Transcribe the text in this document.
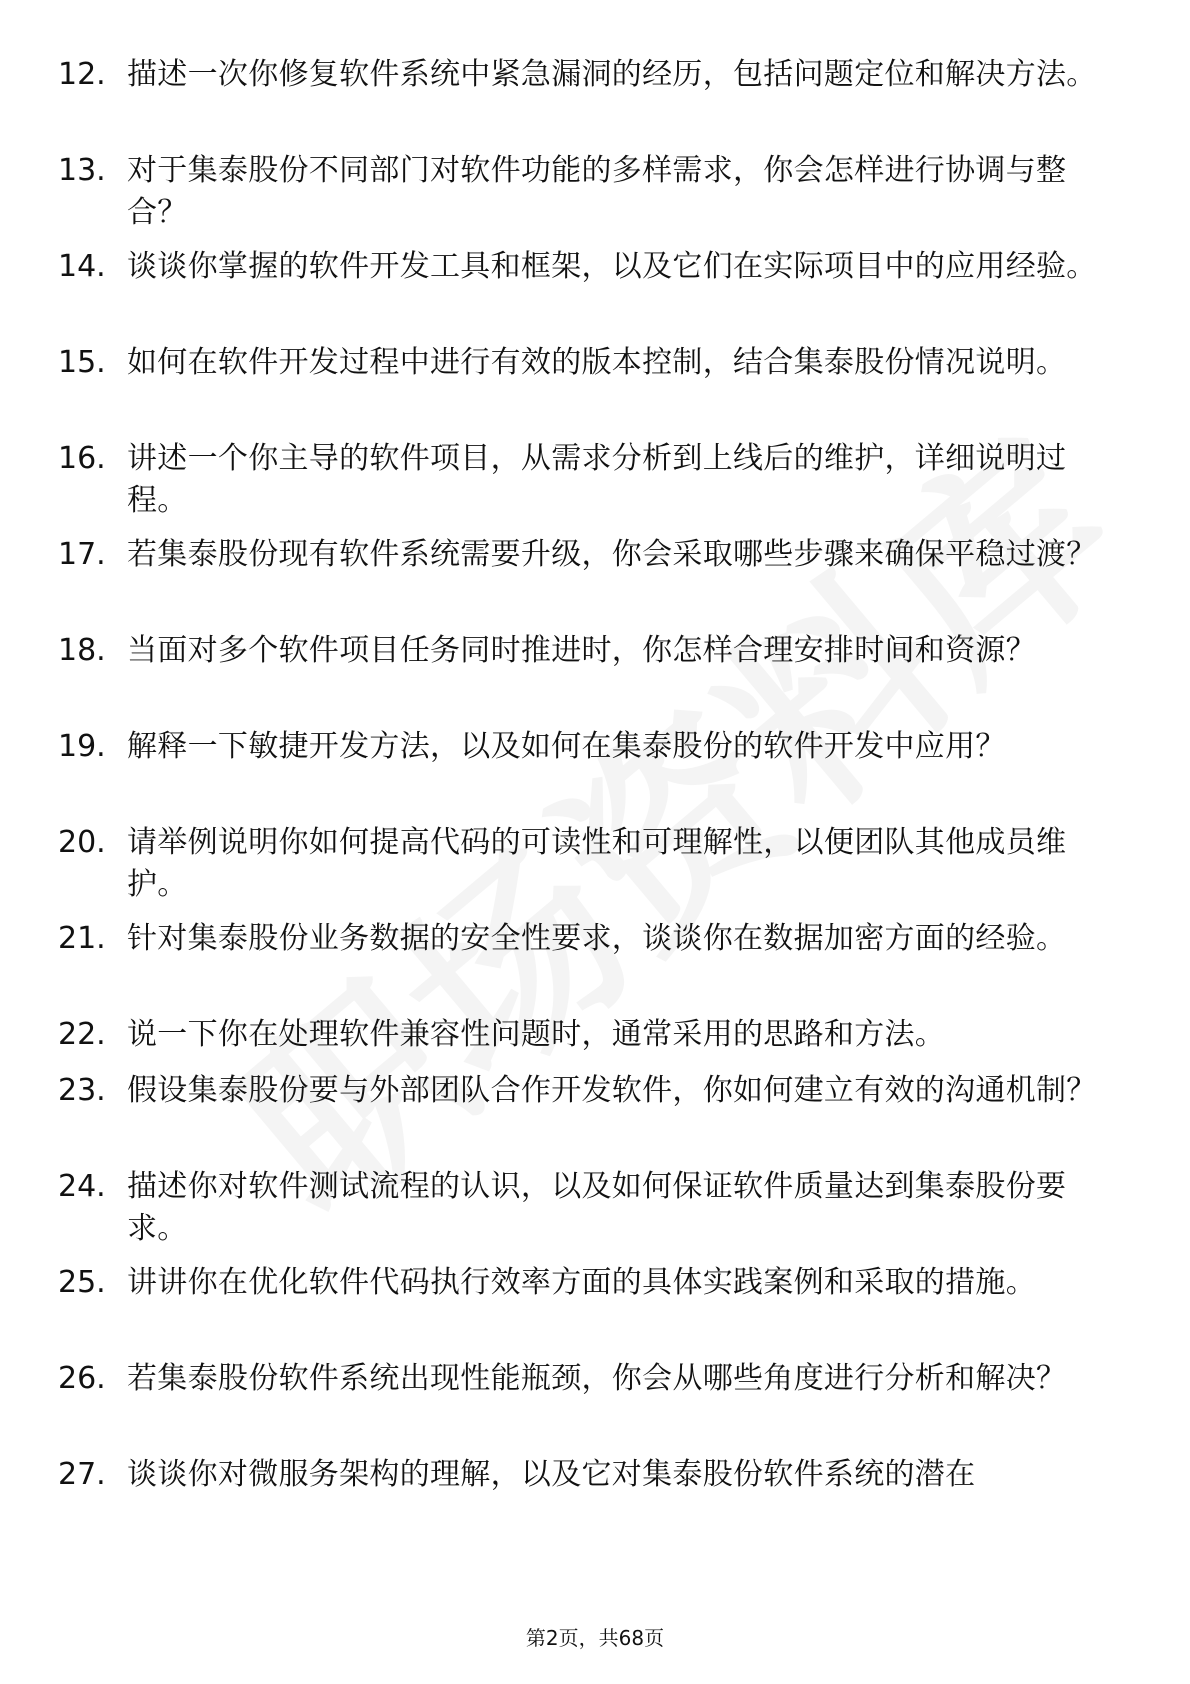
12. 描述一次你修复软件系统中紧急漏洞的经历，包括问题定位和解决方法。
13. 对于集泰股份不同部门对软件功能的多样需求，你会怎样进行协调与整合？
14. 谈谈你掌握的软件开发工具和框架，以及它们在实际项目中的应用经验。
15. 如何在软件开发过程中进行有效的版本控制，结合集泰股份情况说明。
16. 讲述一个你主导的软件项目，从需求分析到上线后的维护，详细说明过程。
17. 若集泰股份现有软件系统需要升级，你会采取哪些步骤来确保平稳过渡？
18. 当面对多个软件项目任务同时推进时，你怎样合理安排时间和资源？
19. 解释一下敏捷开发方法，以及如何在集泰股份的软件开发中应用？
20. 请举例说明你如何提高代码的可读性和可理解性，以便团队其他成员维护。
21. 针对集泰股份业务数据的安全性要求，谈谈你在数据加密方面的经验。
22. 说一下你在处理软件兼容性问题时，通常采用的思路和方法。
23. 假设集泰股份要与外部团队合作开发软件，你如何建立有效的沟通机制？
24. 描述你对软件测试流程的认识，以及如何保证软件质量达到集泰股份要求。
25. 讲讲你在优化软件代码执行效率方面的具体实践案例和采取的措施。
26. 若集泰股份软件系统出现性能瓶颈，你会从哪些角度进行分析和解决？
27. 谈谈你对微服务架构的理解，以及它对集泰股份软件系统的潜在
第2页，共68页
